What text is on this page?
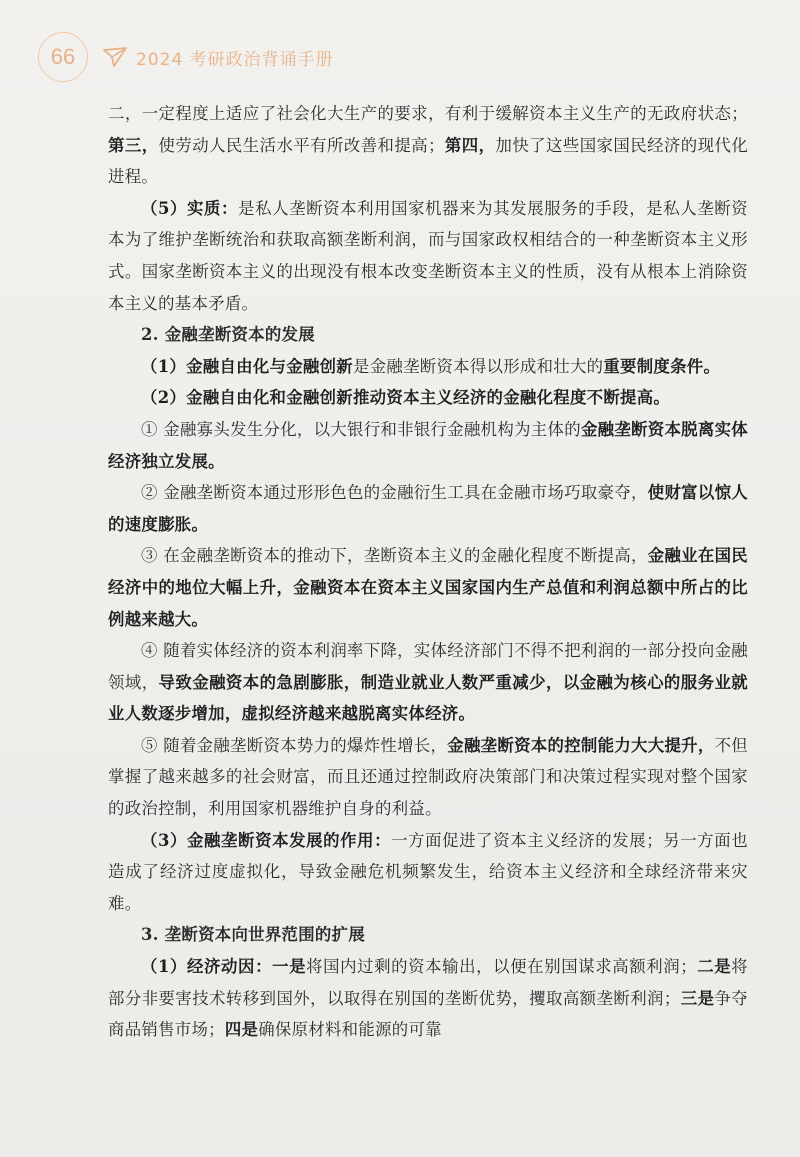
66	2024 考研政治背诵手册

二，一定程度上适应了社会化大生产的要求，有利于缓解资本主义生产的无政府状态；第三，使劳动人民生活水平有所改善和提高；第四，加快了这些国家国民经济的现代化进程。

（5）实质：是私人垄断资本利用国家机器来为其发展服务的手段，是私人垄断资本为了维护垄断统治和获取高额垄断利润，而与国家政权相结合的一种垄断资本主义形式。国家垄断资本主义的出现没有根本改变垄断资本主义的性质，没有从根本上消除资本主义的基本矛盾。

2. 金融垄断资本的发展

（1）金融自由化与金融创新是金融垄断资本得以形成和壮大的重要制度条件。

（2）金融自由化和金融创新推动资本主义经济的金融化程度不断提高。

① 金融寡头发生分化，以大银行和非银行金融机构为主体的金融垄断资本脱离实体经济独立发展。

② 金融垄断资本通过形形色色的金融衍生工具在金融市场巧取豪夺，使财富以惊人的速度膨胀。

③ 在金融垄断资本的推动下，垄断资本主义的金融化程度不断提高，金融业在国民经济中的地位大幅上升，金融资本在资本主义国家国内生产总值和利润总额中所占的比例越来越大。

④ 随着实体经济的资本利润率下降，实体经济部门不得不把利润的一部分投向金融领域，导致金融资本的急剧膨胀，制造业就业人数严重减少，以金融为核心的服务业就业人数逐步增加，虚拟经济越来越脱离实体经济。

⑤ 随着金融垄断资本势力的爆炸性增长，金融垄断资本的控制能力大大提升，不但掌握了越来越多的社会财富，而且还通过控制政府决策部门和决策过程实现对整个国家的政治控制，利用国家机器维护自身的利益。

（3）金融垄断资本发展的作用：一方面促进了资本主义经济的发展；另一方面也造成了经济过度虚拟化，导致金融危机频繁发生，给资本主义经济和全球经济带来灾难。

3. 垄断资本向世界范围的扩展

（1）经济动因：一是将国内过剩的资本输出，以便在别国谋求高额利润；二是将部分非要害技术转移到国外，以取得在别国的垄断优势，攫取高额垄断利润；三是争夺商品销售市场；四是确保原材料和能源的可靠
